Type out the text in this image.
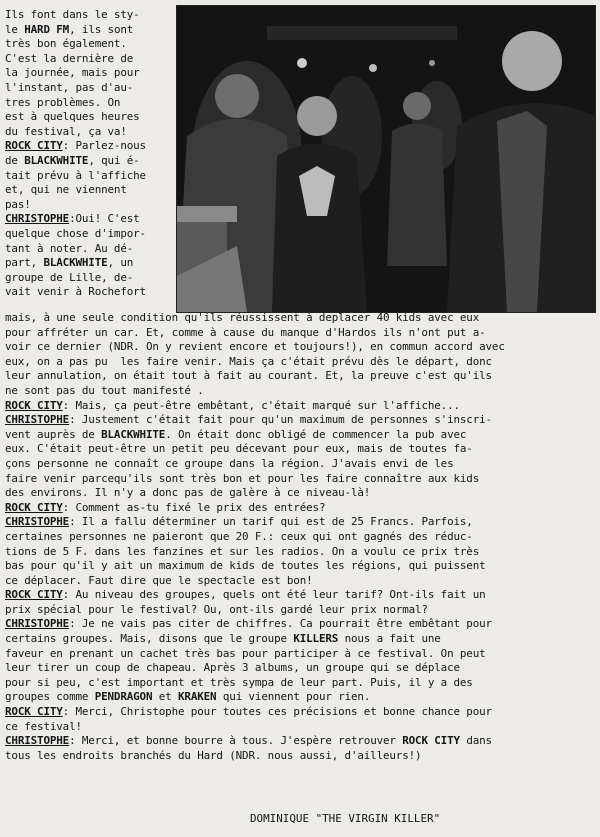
Ils font dans le sty-
le HARD FM, ils sont
très bon également.
C'est la dernière de
la journée, mais pour
l'instant, pas d'au-
tres problèmes. On
est à quelques heures
du festival, ça va!
ROCK CITY: Parlez-nous
de BLACKWHITE, qui é-
tait prévu à l'affiche
et, qui ne viennent
pas!
CHRISTOPHE:Oui! C'est
quelque chose d'impor-
tant à noter. Au dé-
part, BLACKWHITE, un
groupe de Lille, de-
vait venir à Rochefort
mais, à une seule condition qu'ils réussissent à deplacer 40 kids avec eux
pour affréter un car. Et, comme à cause du manque d'Hardos ils n'ont put a-
voir ce dernier (NDR. On y revient encore et toujours!), en commun accord avec
eux, on a pas pu  les faire venir. Mais ça c'était prévu dès le départ, donc
leur annulation, on était tout à fait au courant. Et, la preuve c'est qu'ils
ne sont pas du tout manifesté .
ROCK CITY: Mais, ça peut-être embêtant, c'était marqué sur l'affiche...
CHRISTOPHE: Justement c'était fait pour qu'un maximum de personnes s'inscri-
vent auprès de BLACKWHITE. On était donc obligé de commencer la pub avec
eux. C'était peut-être un petit peu décevant pour eux, mais de toutes fa-
çons personne ne connaît ce groupe dans la région. J'avais envi de les
faire venir parcequ'ils sont très bon et pour les faire connaître aux kids
des environs. Il n'y a donc pas de galère à ce niveau-là!
ROCK CITY: Comment as-tu fixé le prix des entrées?
CHRISTOPHE: Il a fallu déterminer un tarif qui est de 25 Francs. Parfois,
certaines personnes ne paieront que 20 F.: ceux qui ont gagnés des réduc-
tions de 5 F. dans les fanzines et sur les radios. On a voulu ce prix très
bas pour qu'il y ait un maximum de kids de toutes les régions, qui puissent
ce déplacer. Faut dire que le spectacle est bon!
ROCK CITY: Au niveau des groupes, quels ont été leur tarif? Ont-ils fait un
prix spécial pour le festival? Ou, ont-ils gardé leur prix normal?
CHRISTOPHE: Je ne vais pas citer de chiffres. Ca pourrait être embêtant pour
certains groupes. Mais, disons que le groupe KILLERS nous a fait une
faveur en prenant un cachet très bas pour participer à ce festival. On peut
leur tirer un coup de chapeau. Après 3 albums, un groupe qui se déplace
pour si peu, c'est important et très sympa de leur part. Puis, il y a des
groupes comme PENDRAGON et KRAKEN qui viennent pour rien.
ROCK CITY: Merci, Christophe pour toutes ces précisions et bonne chance pour
ce festival!
CHRISTOPHE: Merci, et bonne bourre à tous. J'espère retrouver ROCK CITY dans
tous les endroits branchés du Hard (NDR. nous aussi, d'ailleurs!)
DOMINIQUE "THE VIRGIN KILLER"
